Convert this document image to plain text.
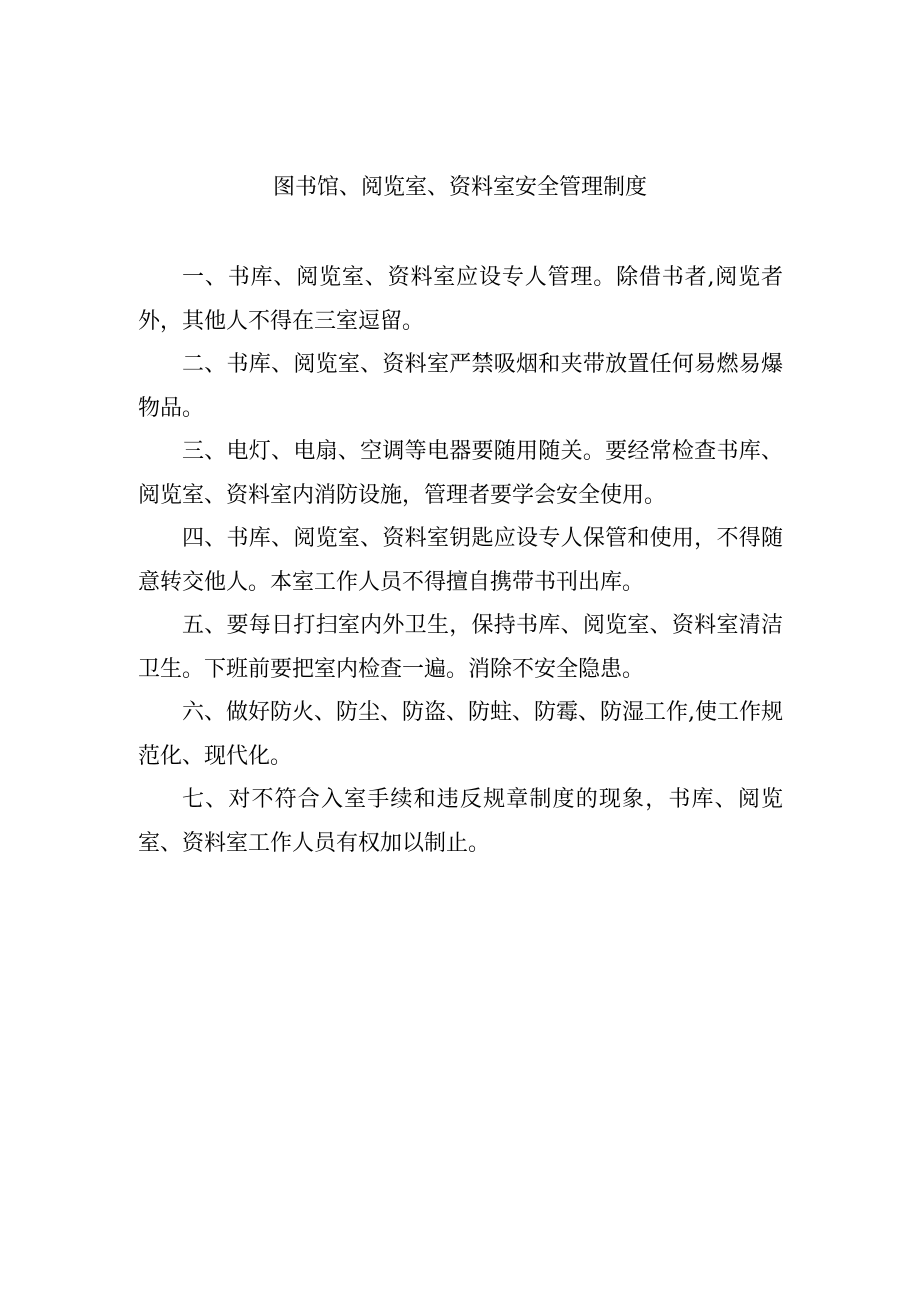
图书馆、阅览室、资料室安全管理制度

一、书库、阅览室、资料室应设专人管理。除借书者,阅览者外，其他人不得在三室逗留。

二、书库、阅览室、资料室严禁吸烟和夹带放置任何易燃易爆物品。

三、电灯、电扇、空调等电器要随用随关。要经常检查书库、阅览室、资料室内消防设施，管理者要学会安全使用。

四、书库、阅览室、资料室钥匙应设专人保管和使用，不得随意转交他人。本室工作人员不得擅自携带书刊出库。

五、要每日打扫室内外卫生，保持书库、阅览室、资料室清洁卫生。下班前要把室内检查一遍。消除不安全隐患。

六、做好防火、防尘、防盗、防蛀、防霉、防湿工作,使工作规范化、现代化。

七、对不符合入室手续和违反规章制度的现象，书库、阅览室、资料室工作人员有权加以制止。
